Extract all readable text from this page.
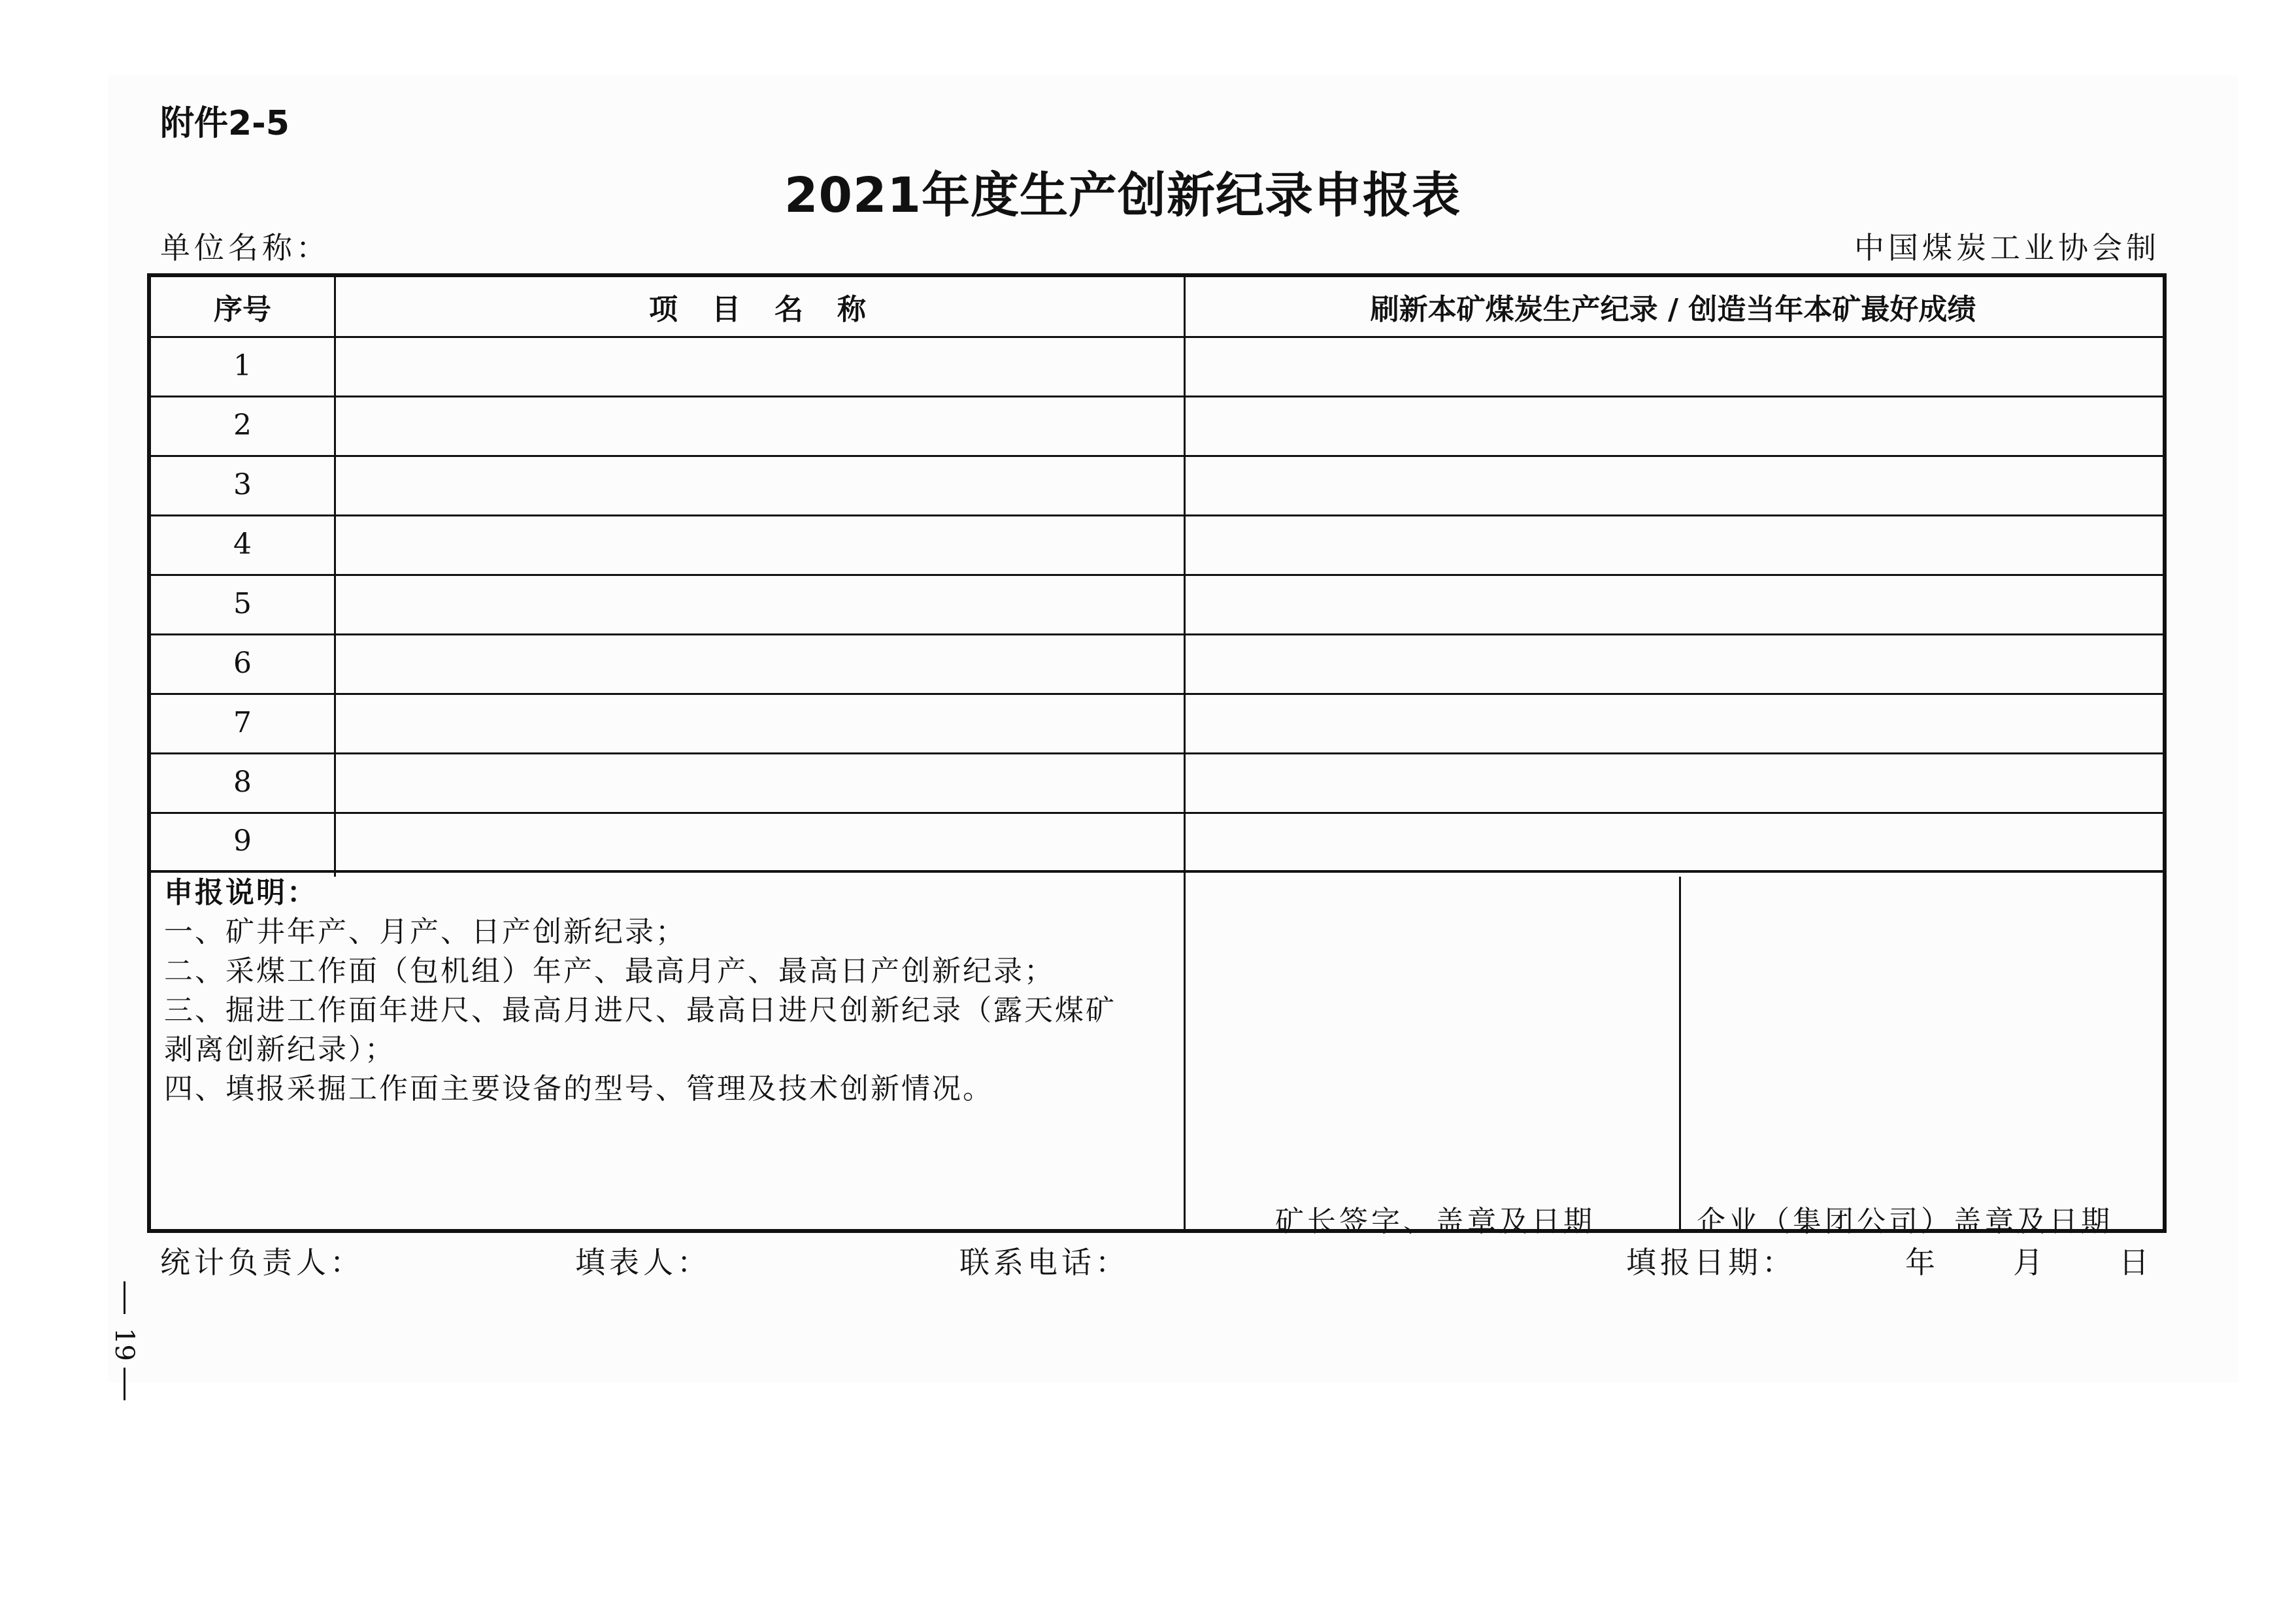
附件2-5
2021年度生产创新纪录申报表
单位名称：	中国煤炭工业协会制
序号	项　目　名　称	刷新本矿煤炭生产纪录 / 创造当年本矿最好成绩
1
2
3
4
5
6
7
8
9
申报说明：
一、矿井年产、月产、日产创新纪录；
二、采煤工作面（包机组）年产、最高月产、最高日产创新纪录；
三、掘进工作面年进尺、最高月进尺、最高日进尺创新纪录（露天煤矿
剥离创新纪录）；
四、填报采掘工作面主要设备的型号、管理及技术创新情况。
矿长签字、盖章及日期	企业（集团公司）盖章及日期
统计负责人：	填表人：	联系电话：	填报日期：	年 月 日
19
